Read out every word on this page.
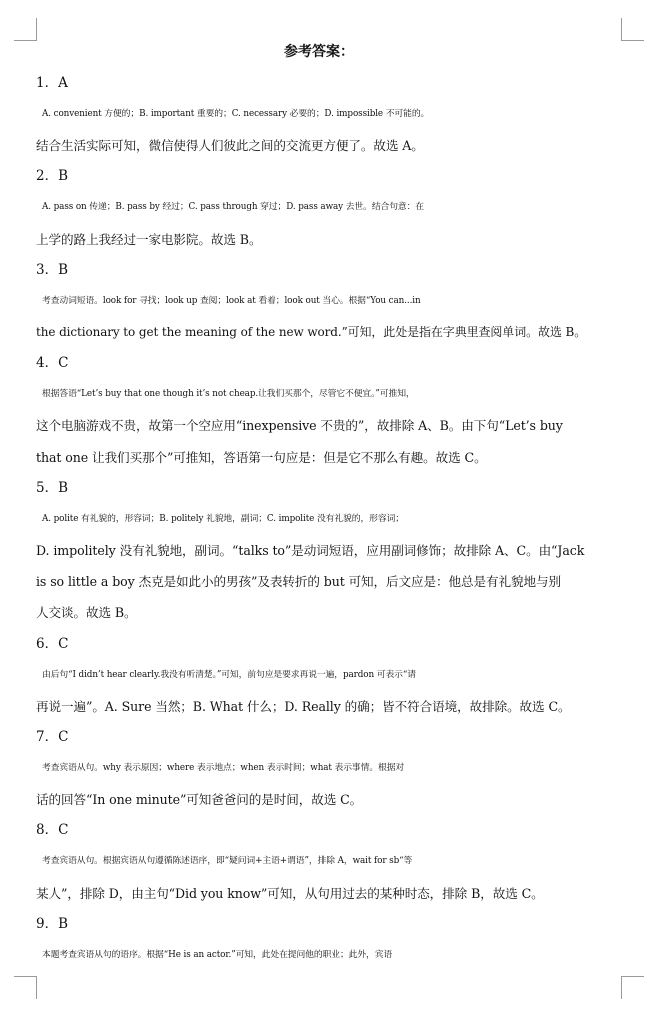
参考答案：
1．A
A. convenient 方便的；B. important 重要的；C. necessary 必要的；D. impossible 不可能的。
结合生活实际可知，微信使得人们彼此之间的交流更方便了。故选 A。
2．B
A. pass on 传递；B. pass by 经过；C. pass through 穿过；D. pass away 去世。结合句意：在
上学的路上我经过一家电影院。故选 B。
3．B
考查动词短语。look for 寻找；look up 查阅；look at 看着；look out 当心。根据“You can...in
the dictionary to get the meaning of the new word.”可知，此处是指在字典里查阅单词。故选 B。
4．C
根据答语“Let’s buy that one though it’s not cheap.让我们买那个，尽管它不便宜。”可推知，
这个电脑游戏不贵，故第一个空应用“inexpensive 不贵的”，故排除 A、B。由下句“Let’s buy
that one 让我们买那个”可推知，答语第一句应是：但是它不那么有趣。故选 C。
5．B
A. polite 有礼貌的，形容词；B. politely 礼貌地，副词；C. impolite 没有礼貌的，形容词；
D. impolitely 没有礼貌地，副词。“talks to”是动词短语，应用副词修饰；故排除 A、C。由“Jack
is so little a boy 杰克是如此小的男孩”及表转折的 but 可知，后文应是：他总是有礼貌地与别
人交谈。故选 B。
6．C
由后句“I didn’t hear clearly.我没有听清楚。”可知，前句应是要求再说一遍，pardon 可表示“请
再说一遍”。A. Sure 当然；B. What 什么；D. Really 的确；皆不符合语境，故排除。故选 C。
7．C
考查宾语从句。why 表示原因；where 表示地点；when 表示时间；what 表示事情。根据对
话的回答“In one minute”可知爸爸问的是时间，故选 C。
8．C
考查宾语从句。根据宾语从句遵循陈述语序，即“疑问词+主语+谓语”，排除 A，wait for sb“等
某人”，排除 D，由主句“Did you know”可知，从句用过去的某种时态，排除 B，故选 C。
9．B
本题考查宾语从句的语序。根据“He is an actor.”可知，此处在提问他的职业；此外，宾语
